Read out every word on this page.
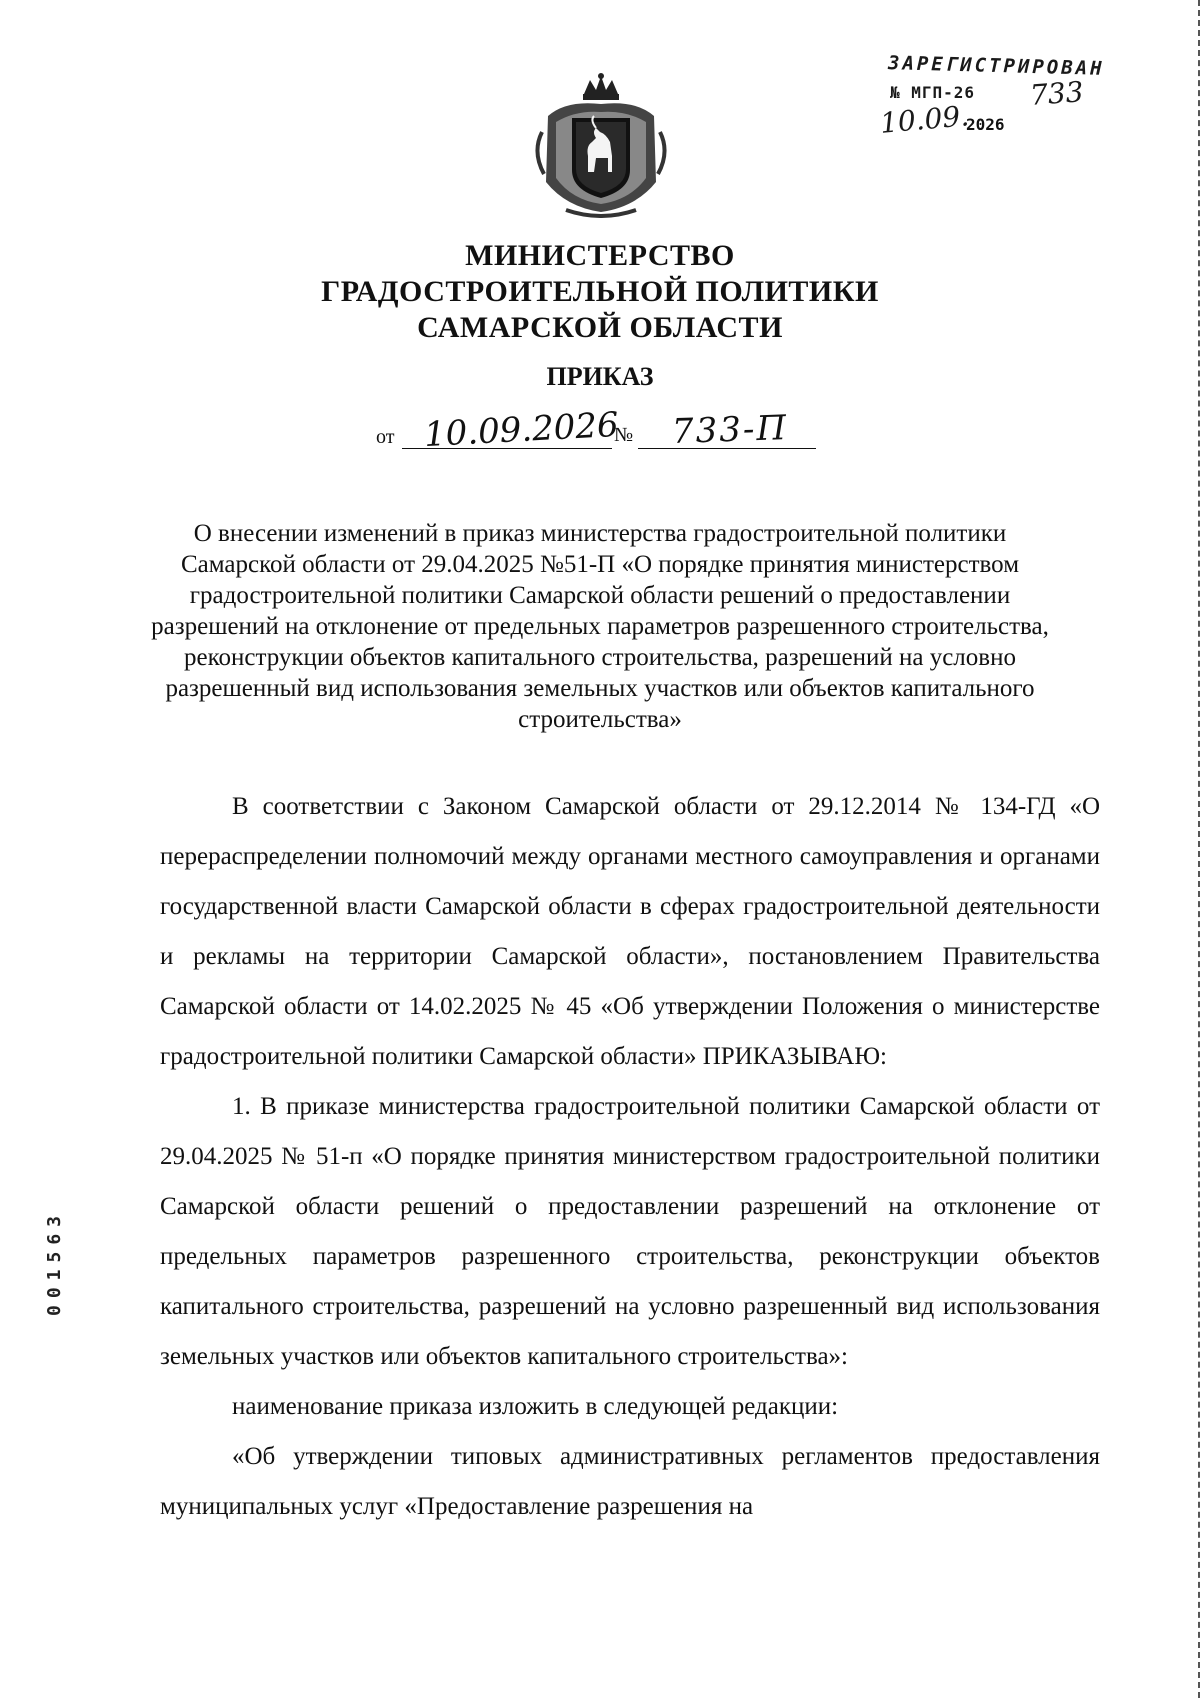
ЗАРЕГИСТРИРОВАН
№ МГП-26 733
10.09.
2026
МИНИСТЕРСТВО
ГРАДОСТРОИТЕЛЬНОЙ ПОЛИТИКИ
САМАРСКОЙ ОБЛАСТИ
ПРИКАЗ
от 10.09.2026
№ 733-П
О внесении изменений в приказ министерства градостроительной политики Самарской области от 29.04.2025 №51-П «О порядке принятия министерством градостроительной политики Самарской области решений о предоставлении разрешений на отклонение от предельных параметров разрешенного строительства, реконструкции объектов капитального строительства, разрешений на условно разрешенный вид использования земельных участков или объектов капитального строительства»

В соответствии с Законом Самарской области от 29.12.2014 № 134-ГД «О перераспределении полномочий между органами местного самоуправления и органами государственной власти Самарской области в сферах градостроительной деятельности и рекламы на территории Самарской области», постановлением Правительства Самарской области от 14.02.2025 № 45 «Об утверждении Положения о министерстве градостроительной политики Самарской области» ПРИКАЗЫВАЮ:

1. В приказе министерства градостроительной политики Самарской области от 29.04.2025 № 51-п «О порядке принятия министерством градостроительной политики Самарской области решений о предоставлении разрешений на отклонение от предельных параметров разрешенного строительства, реконструкции объектов капитального строительства, разрешений на условно разрешенный вид использования земельных участков или объектов капитального строительства»:

наименование приказа изложить в следующей редакции:

«Об утверждении типовых административных регламентов предоставления муниципальных услуг «Предоставление разрешения на

001563
